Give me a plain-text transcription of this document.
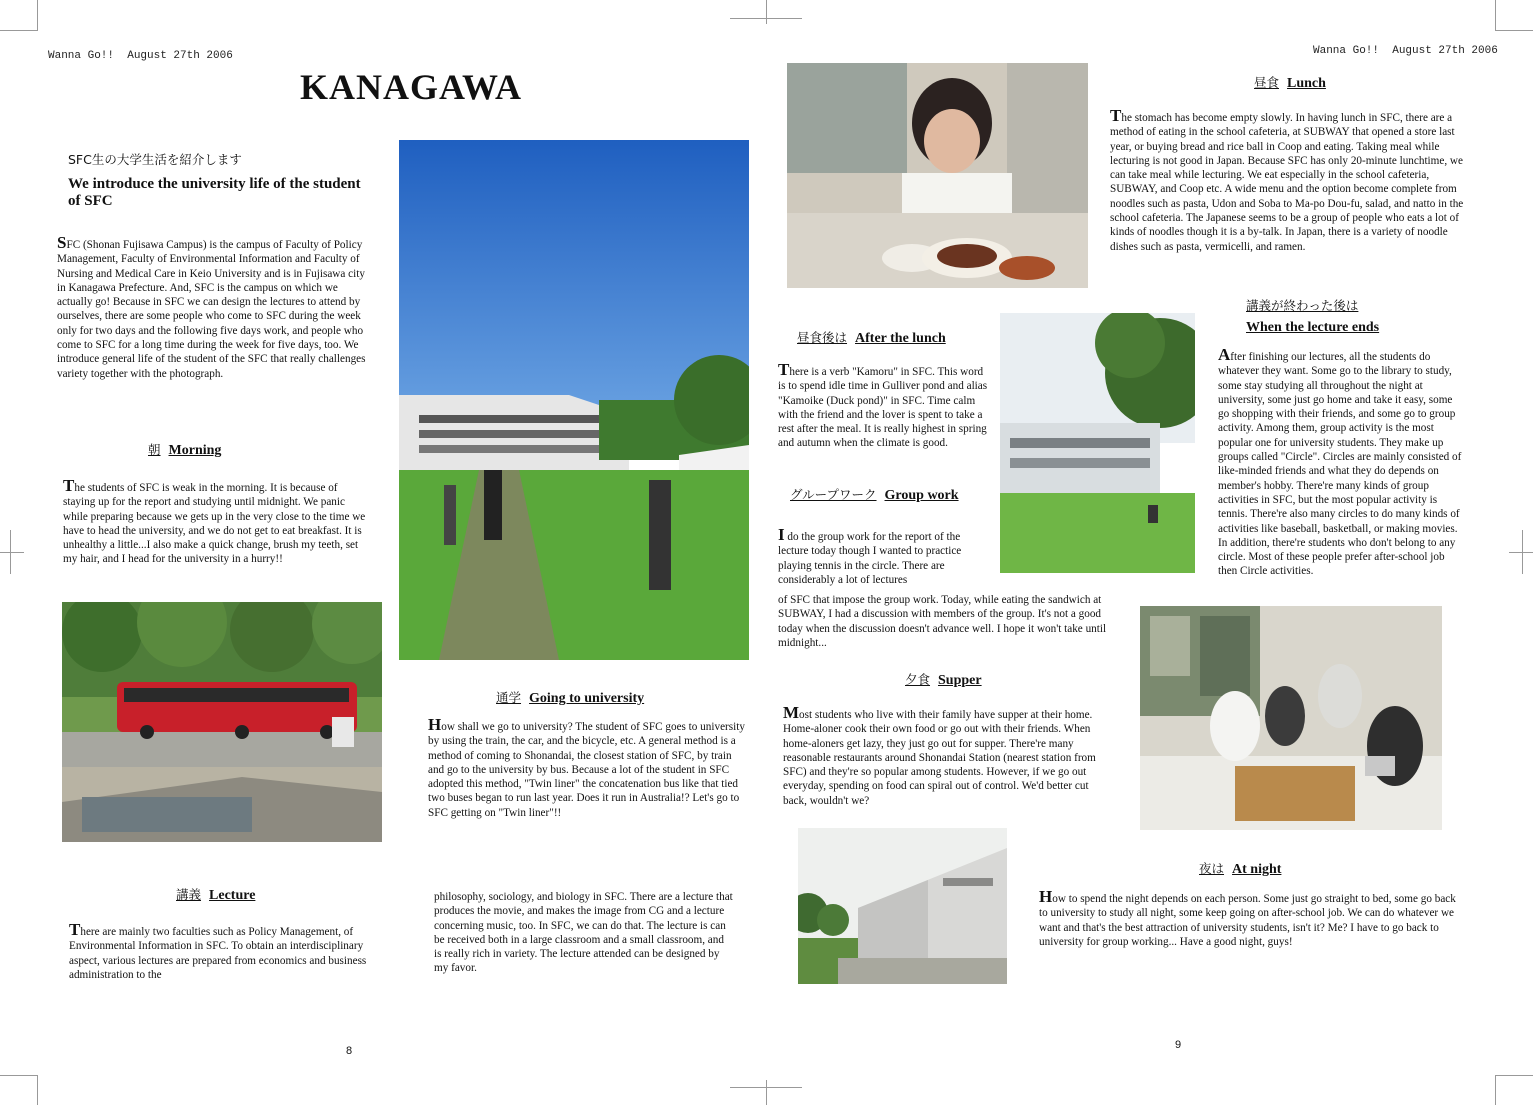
Wanna Go!!  August 27th 2006	Wanna Go!!  August 27th 2006
KANAGAWA
SFC生の大学生活を紹介します
We introduce the university life of the student of SFC
SFC (Shonan Fujisawa Campus) is the campus of Faculty of Policy Management, Faculty of Environmental Information and Faculty of Nursing and Medical Care in Keio University and is in Fujisawa city in Kanagawa Prefecture. And, SFC is the campus on which we actually go! Because in SFC we can design the lectures to attend by ourselves, there are some people who come to SFC during the week only for two days and the following five days work, and people who come to SFC for a long time during the week for five days, too. We introduce general life of the student of the SFC that really challenges variety together with the photograph.
朝 Morning
The students of SFC is weak in the morning. It is because of staying up for the report and studying until midnight. We panic while preparing because we gets up in the very close to the time we have to head the university, and we do not get to eat breakfast. It is unhealthy a little...I also make a quick change, brush my teeth, set my hair, and I head for the university in a hurry!!
講義 Lecture
There are mainly two faculties such as Policy Management, of Environmental Information in SFC. To obtain an interdisciplinary aspect, various lectures are prepared from economics and business administration to the
philosophy, sociology, and biology in SFC. There are a lecture that produces the movie, and makes the image from CG and a lecture concerning music, too. In SFC, we can do that. The lecture is can be received both in a large classroom and a small classroom, and is really rich in variety. The lecture attended can be designed by my favor.
通学 Going to university
How shall we go to university? The student of SFC goes to university by using the train, the car, and the bicycle, etc. A general method is a method of coming to Shonandai, the closest station of SFC, by train and go to the university by bus. Because a lot of the student in SFC adopted this method, "Twin liner" the concatenation bus like that tied two buses began to run last year. Does it run in Australia!? Let's go to SFC getting on "Twin liner"!!
8
昼食 Lunch
The stomach has become empty slowly. In having lunch in SFC, there are a method of eating in the school cafeteria, at SUBWAY that opened a store last year, or buying bread and rice ball in Coop and eating. Taking meal while lecturing is not good in Japan. Because SFC has only 20-minute lunchtime, we can take meal while lecturing. We eat especially in the school cafeteria, SUBWAY, and Coop etc. A wide menu and the option become complete from noodles such as pasta, Udon and Soba to Ma-po Dou-fu, salad, and natto in the school cafeteria. The Japanese seems to be a group of people who eats a lot of kinds of noodles though it is a by-talk. In Japan, there is a variety of noodle dishes such as pasta, vermicelli, and ramen.
昼食後は After the lunch
There is a verb "Kamoru" in SFC. This word is to spend idle time in Gulliver pond and alias "Kamoike (Duck pond)" in SFC. Time calm with the friend and the lover is spent to take a rest after the meal. It is really highest in spring and autumn when the climate is good.
グループワーク Group work
I do the group work for the report of the lecture today though I wanted to practice playing tennis in the circle. There are considerably a lot of lectures
of SFC that impose the group work. Today, while eating the sandwich at SUBWAY, I had a discussion with members of the group. It's not a good today when the discussion doesn't advance well. I hope it won't take until midnight...
講義が終わった後は
When the lecture ends
After finishing our lectures, all the students do whatever they want. Some go to the library to study, some stay studying all throughout the night at university, some just go home and take it easy, some go shopping with their friends, and some go to group activity. Among them, group activity is the most popular one for university students. They make up groups called "Circle". Circles are mainly consisted of like-minded friends and what they do depends on member's hobby. There're many kinds of group activities in SFC, but the most popular activity is tennis. There're also many circles to do many kinds of activities like baseball, basketball, or making movies. In addition, there're students who don't belong to any circle. Most of these people prefer after-school job then Circle activities.
夕食 Supper
Most students who live with their family have supper at their home. Home-aloner cook their own food or go out with their friends. When home-aloners get lazy, they just go out for supper. There're many reasonable restaurants around Shonandai Station (nearest station from SFC) and they're so popular among students. However, if we go out everyday, spending on food can spiral out of control. We'd better cut back, wouldn't we?
夜は At night
How to spend the night depends on each person. Some just go straight to bed, some go back to university to study all night, some keep going on after-school job. We can do whatever we want and that's the best attraction of university students, isn't it? Me? I have to go back to university for group working... Have a good night, guys!
9
